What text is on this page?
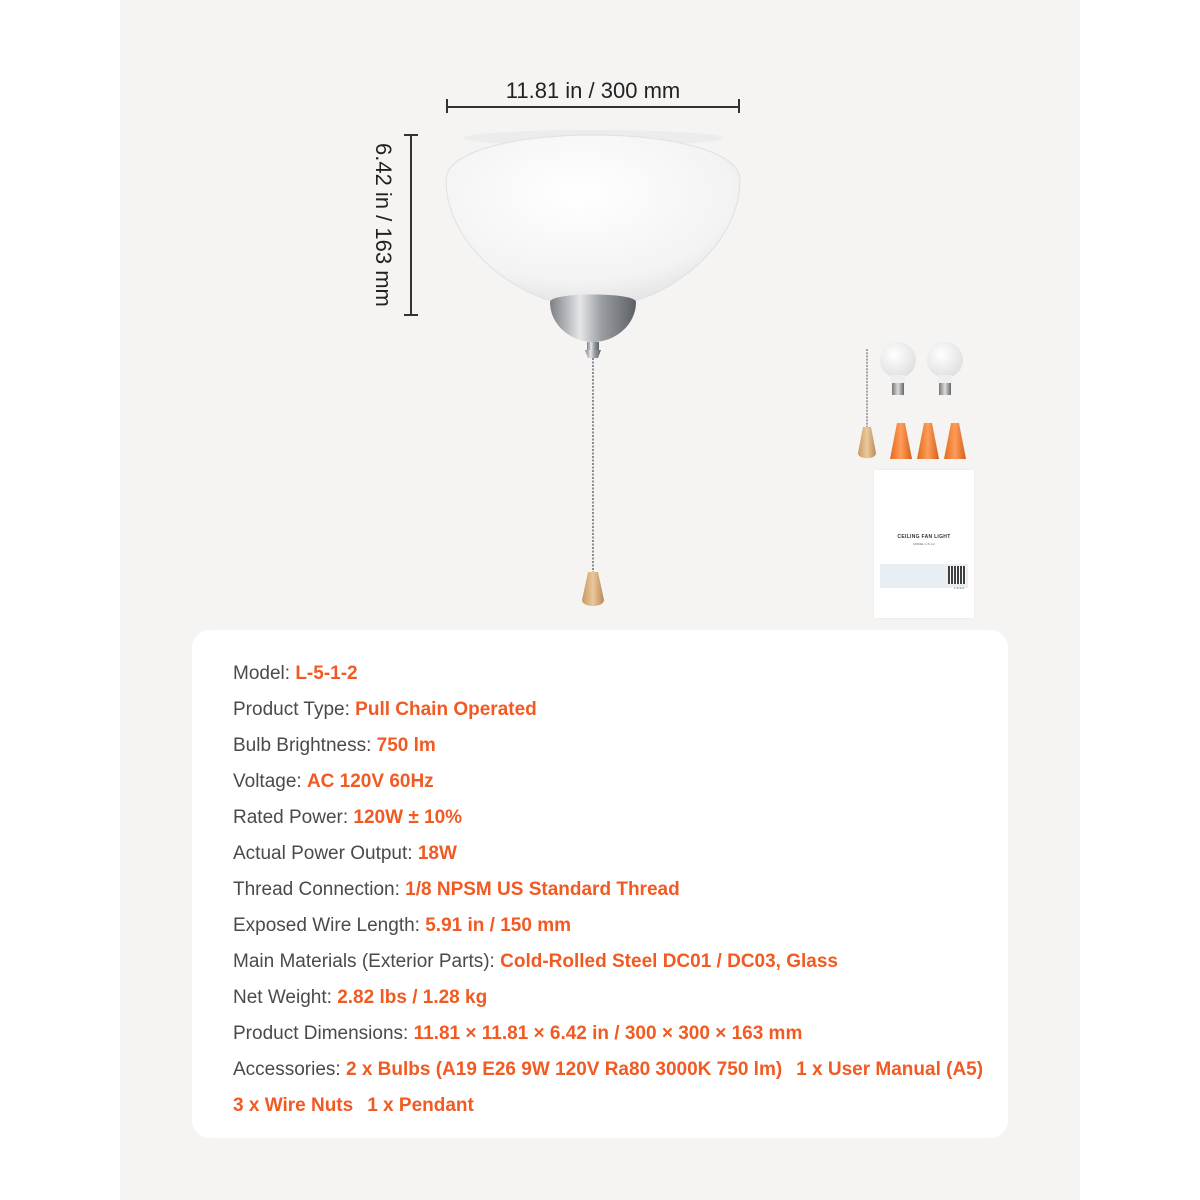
11.81 in / 300 mm
6.42 in / 163 mm
CEILING FAN LIGHT
MODEL:L-5-1-2
L-5-1-2
Model: L-5-1-2
Product Type: Pull Chain Operated
Bulb Brightness: 750 lm
Voltage: AC 120V 60Hz
Rated Power: 120W ± 10%
Actual Power Output: 18W
Thread Connection: 1/8 NPSM US Standard Thread
Exposed Wire Length: 5.91 in / 150 mm
Main Materials (Exterior Parts): Cold-Rolled Steel DC01 / DC03, Glass
Net Weight: 2.82 lbs / 1.28 kg
Product Dimensions: 11.81 × 11.81 × 6.42 in / 300 × 300 × 163 mm
Accessories: 2 x Bulbs (A19 E26 9W 120V Ra80 3000K 750 lm) 1 x User Manual (A5)
3 x Wire Nuts 1 x Pendant
